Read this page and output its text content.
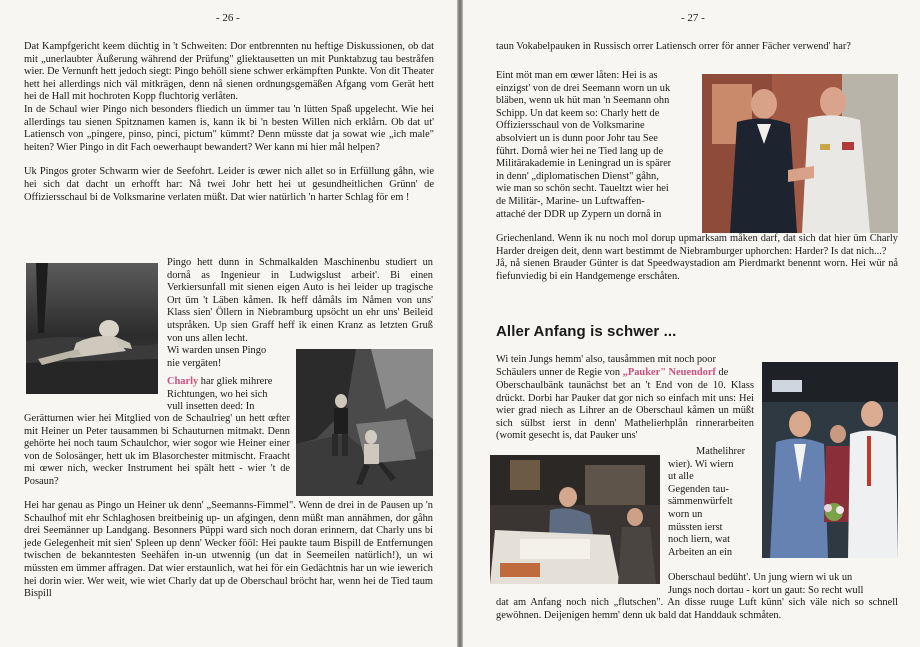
- 26 -

Dat Kampfgericht keem düchtig in 't Schweiten: Dor entbrennten nu heftige Diskussionen, ob dat mit „unerlaubter Äußerung während der Prüfung" gliektausetten un mit Punktabzug tau bestråfen wier. De Vernunft hett jedoch siegt: Pingo behöll siene schwer erkämpften Punkte. Von dit Theater hett hei allerdings nich väl mitkrägen, denn nå sienen ordnungsgemäßen Afgang vom Gerät hett hei de Hall mit hochroten Kopp fluchtorig verlåten.

In de Schaul wier Pingo nich besonders fliedich un ümmer tau 'n lütten Spaß upgelecht. Wie hei allerdings tau sienen Spitznamen kamen is, kann ik bi 'n besten Willen nich erklårn. Ob dat ut' Latiensch von „pingere, pinso, pinci, pictum" kümmt? Denn müsste dat ja sowat wie „ich male" heiten? Wier Pingo in dit Fach oewerhaupt bewandert? Wer kann mi hier mål helpen?

Uk Pingos groter Schwarm wier de Seefohrt. Leider is œwer nich allet so in Erfüllung gåhn, wie hei sich dat dacht un erhofft har: Nå twei Johr hett hei ut gesundheitlichen Grünn' de Offiziersschaul bi de Volksmarine verlaten müßt. Dat wier natürlich 'n harter Schlag för em !

Pingo hett dunn in Schmalkalden Maschinenbu studiert un dornå as Ingenieur in Ludwigslust arbeit'. Bi einen Verkiersunfall mit sienen eigen Auto is hei leider up tragische Ort üm 't Läben kåmen. Ik heff dåmåls im Nåmen von uns' Klass sien' Öllern in Niebramburg upsöcht un ehr uns' Beileid utspråken. Up sien Graff heff ik einen Kranz as letzten Gruß von uns allen lecht.
Wi warden unsen Pingo
nie vergäten!
Charly har gliek mihrere
Richtungen, wo hei sich
vull insetten deed: In
Gerätturnen wier hei Mitglied von de Schaulrieg' un hett œfter mit Heiner un Peter tausammen bi Schauturnen mitmakt. Denn gehörte hei noch taum Schaulchor, wier sogor wie Heiner einer von de Solosänger, hett uk im Blasorchester mitmischt. Fraacht mi œwer nich, wecker Instrument hei spält hett - wier 't de Posaun?
Hei har genau as Pingo un Heiner uk denn' „Seemanns-Fimmel". Wenn de drei in de Pausen up 'n Schaulhof mit ehr Schlaghosen breitbeinig up- un afgingen, denn müßt man annähmen, dor gåhn drei Seemänner up Landgang. Besonners Püppi ward sich noch doran erinnern, dat Charly uns bi jede Gelegenheit mit sien' Spleen up denn' Wecker fööl: Hei paukte taum Bispill de Entfernungen twischen de bekanntesten Seehäfen in-un utwennig (un dat in Seemeilen natürlich!), un wi müssten em ümmer affragen. Dat wier erstaunlich, wat hei för ein Gedächtnis har un wie iewerich hei dorin wier. Wer weit, wie wiet Charly dat up de Oberschaul bröcht har, wenn hei de Tied taum Bispill
- 27 -
taun Vokabelpauken in Russisch orrer Latiensch orrer för anner Fächer verwend' har?
Eint möt man em œwer låten: Hei is as
einzigst' von de drei Seemann worn un uk
bläben, wenn uk hüt man 'n Seemann ohn
Schipp. Un dat keem so: Charly hett de
Offiziersschaul von de Volksmarine
absolviert un is dunn poor Johr tau See
führt. Dornå wier hei ne Tied lang up de
Militärakademie in Leningrad un is spärer
in denn' „diplomatischen Dienst" gåhn,
wie man so schön secht. Taueltzt wier hei
de Militär-, Marine- un Luftwaffen-
attaché der DDR up Zypern un dornå in

Griechenland. Wenn ik nu noch mol dorup upmarksam måken darf, dat sich dat hier üm Charly Harder dreigen deit, denn wart bestimmt de Niebramburger uphorchen: Harder? Is dat nich...?

Jå, nå sienen Brauder Günter is dat Speedwaystadion am Pierdmarkt benennt worn. Hei wür nå fiefunviedig bi ein Handgemenge erschåten.

Aller Anfang is schwer ...
Wi tein Jungs hemm' also, tausåmmen mit noch poor
Schäulers unner de Regie von „Pauker" Neuendorf de
Oberschaulbänk taunächst bet an 't End von de 10. Klass drückt. Dorbi har Pauker dat gor nich so einfach mit uns: Hei wier grad niech as Lihrer an de Oberschaul kåmen un müßt sich sülbst ierst in denn' Mathelierhplån rinnerarbeiten (womit gesecht is, dat Pauker uns'
Mathelihrer
wier). Wi wiern
ut alle
Gegenden tau-
sämmenwürfelt
worn un
müssten ierst
noch liern, wat
Arbeiten an ein
Oberschaul bedüht'. Un jung wiern wi uk un
Jungs noch dortau - kort un gaut: So recht wull
dat am Anfang noch nich „flutschen". An disse ruuge Luft künn' sich väle nich so schnell gewöhnen. Deijenigen hemm' denn uk bald dat Handdauk schmåten.
